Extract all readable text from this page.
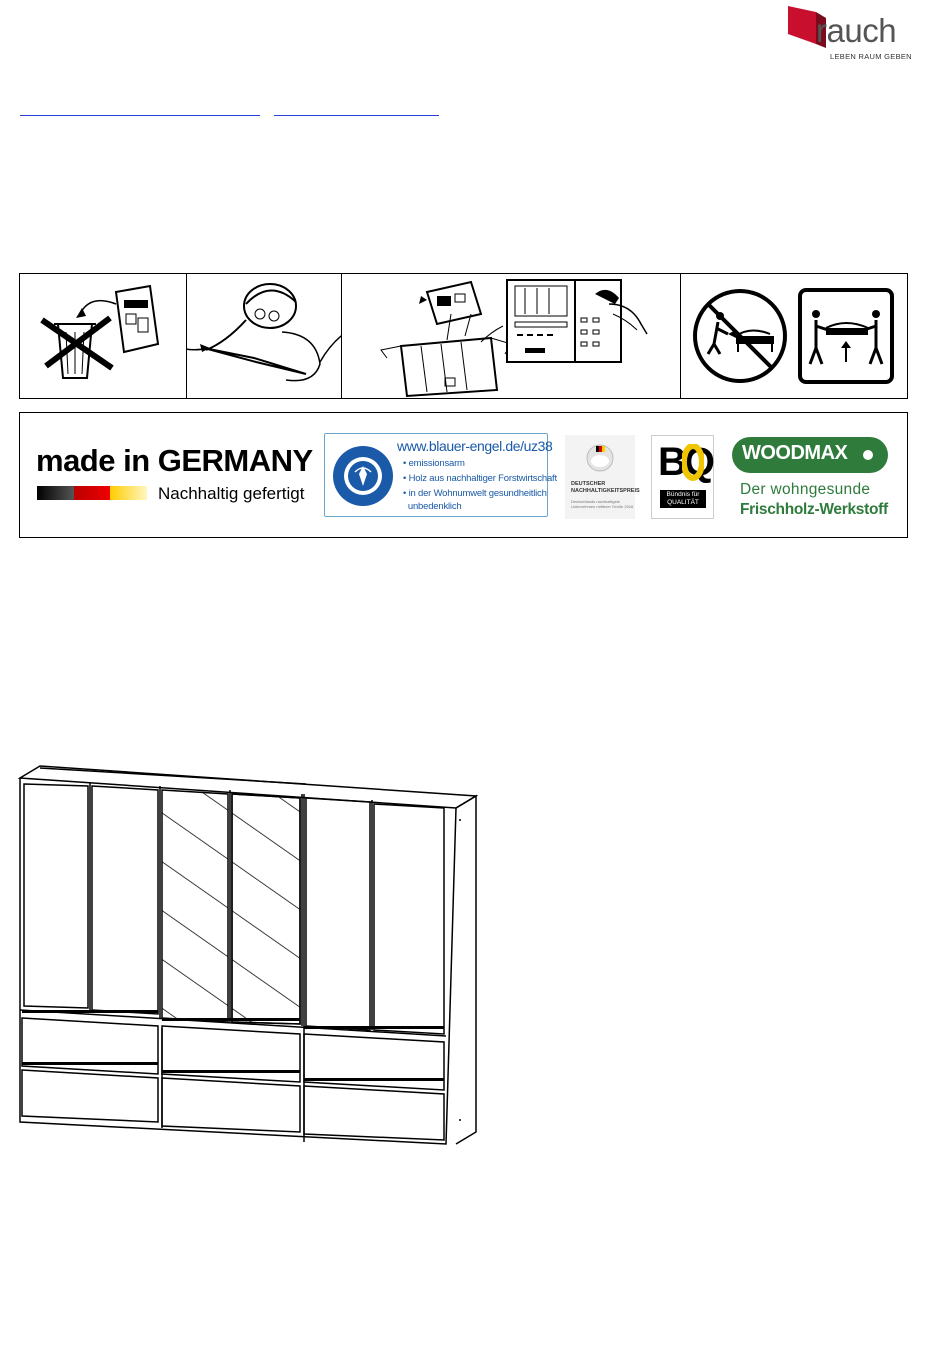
rauch
LEBEN RAUM GEBEN
made in GERMANY
Nachhaltig gefertigt
www.blauer-engel.de/uz38
• emissionsarm
• Holz aus nachhaltiger Forstwirtschaft
• in der Wohnumwelt gesundheitlich
unbedenklich
DEUTSCHER
NACHHALTIGKEITSPREIS
Deutschlands nachhaltigste
Unternehmen mittlerer Größe 2016
BQ
Bündnis für
QUALITÄT
WOODMAX
Der wohngesunde
Frischholz-Werkstoff
